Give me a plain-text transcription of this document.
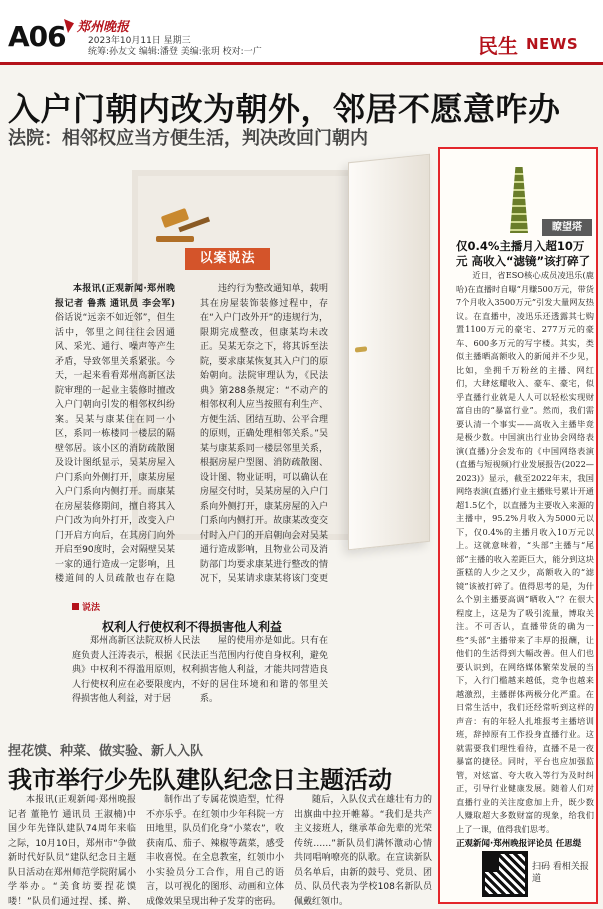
A06 郑州晚报
2023年10月11日 星期三
统筹:孙友文 编辑:潘登 美编:张玥 校对:一广	民生 NEWS
入户门朝内改为朝外，邻居不愿意咋办
法院：相邻权应当方便生活，判决改回门朝内
以案说法

本报讯(正观新闻·郑州晚报记者 鲁燕 通讯员 李会军)俗话说“远亲不如近邻”，但生活中，邻里之间往往会因通风、采光、通行、噪声等产生矛盾，导致邻里关系紧张。今天，一起来看看郑州高新区法院审理的一起业主装修时擅改入户门朝向引发的相邻权纠纷案。吴某与康某住在同一小区，系同一栋楼同一楼层的隔壁邻居。该小区的消防疏散图及设计图纸显示，吴某房屋入户门系向外侧打开，康某房屋入户门系向内侧打开。而康某在房屋装修期间，擅自将其入户门改为向外打开，改变入户门开启方向后，在其房门向外开启至90度时，会对隔壁吴某一家的通行造成一定影响，且楼道间的人员疏散也存在隐

违约行为整改通知单，载明其在房屋装饰装修过程中，存在“入户门改外开”的违规行为，限期完成整改，但康某均未改正。吴某无奈之下，将其诉至法院，要求康某恢复其入户门的原始朝向。法院审理认为，《民法典》第288条规定：“不动产的相邻权利人应当按照有利生产、方便生活、团结互助、公平合理的原则，正确处理相邻关系。”吴某与康某系同一楼层邻里关系，根据房屋户型图、消防疏散图、设计图、物业证明，可以确认在房屋交付时，吴某房屋的入户门系向外侧打开，康某房屋的入户门系向内侧打开。故康某改变交付时入户门的开启朝向会对吴某通行造成影响，且物业公司及消防部门均要求康某进行整改的情况下，吴某请求康某将该门变更

说法
权利人行使权利不得损害他人利益

郑州高新区法院双桥人民法庭负责人汪涛表示，根据《民法典》中权利不得滥用原则，权利人行使权利应在必要限度内，不得损害他人利益，对于居

屋的使用亦是如此。只有在正当范围内行使自身权利，避免损害他人利益，才能共同营造良好的居住环境和和谐的邻里关系。

捏花馍、种菜、做实验、新人入队
我市举行少先队建队纪念日主题活动

本报讯(正观新闻·郑州晚报记者 董艳竹 通讯员 王淑楠)中国少年先锋队建队74周年来临之际，10月10日，郑州市“争做新时代好队员”建队纪念日主题队日活动在郑州师范学院附属小学举办。“美食坊要捏花馍喽！”队员们通过捏、揉、擀、

制作出了专属花馍造型，忙得不亦乐乎。在红领巾少年科院一方田地里，队员们化身“小菜农”，收获南瓜、茄子、辣椒等蔬菜，感受丰收喜悦。在全息教室，红领巾小小实验员分工合作，用自己的语言，以可视化的图形、动画和立体成像效果呈现出种子发芽的密码。

随后，入队仪式在雄壮有力的出旗曲中拉开帷幕。“我们是共产主义接班人，继承革命先辈的光荣传统……”新队员们满怀激动心情共同唱响嘹亮的队歌。在宣读新队员名单后，由新的鼓号、党员、团员、队员代表为学校108名新队员佩戴红领巾。

瞭望塔
仅0.4%主播月入超10万元 高收入“滤镜”该打碎了

近日，省ESO核心成员凌迅乐(鹿哈)在直播时自曝“月赚500万元，带货7个月收入3500万元”引发大量网友热议。在直播中，凌迅乐还透露其七购置1100万元的豪宅、277万元的豪车、600多万元的写字楼。其实，类似主播晒高额收入的新闻并不少见，比如，坐拥千万粉丝的主播、网红们，大肆炫耀收入、豪车、豪宅，似乎直播行业就是人人可以轻松实现财富自由的“暴富行业”。然而，我们需要认清一个事实——高收入主播毕竟是极少数。中国演出行业协会网络表演(直播)分会发布的《中国网络表演(直播与短视频)行业发展报告(2022—2023)》显示，截至2022年末，我国网络表演(直播)行业主播账号累计开通超1.5亿个，以直播为主要收入来源的主播中，95.2%月收入为5000元以下，仅0.4%的主播月收入10万元以上。这就意味着，“头部”主播与“尾部”主播的收入差距巨大，能分到这块蛋糕的人少之又少，高额收入的“滤镜”该被打碎了。值得思考的是，为什么个别主播要高调“晒收入”？在很大程度上，这是为了吸引流量，博取关注。不可否认，直播带货的确为一些“头部”主播带来了丰厚的报酬，让他们的生活得到大幅改善。但人们也要认识到，在网络媒体繁荣发展的当下，入行门槛越来越低，竞争也越来越激烈，主播群体两极分化严重。在日常生活中，我们还经常听到这样的声音：有的年轻人扎堆报考主播培训班，辞掉原有工作投身直播行业。这就需要我们理性看待，直播不是一夜暴富的捷径。同时，平台也应加强监管，对炫富、夸大收入等行为及时纠正，引导行业健康发展。随着人们对直播行业的关注度愈加上升，既少数人赚取超大多数财富的现象，给我们上了一课，值得我们思考。

正观新闻·郑州晚报评论员 任思缇
扫码 看相关报道
